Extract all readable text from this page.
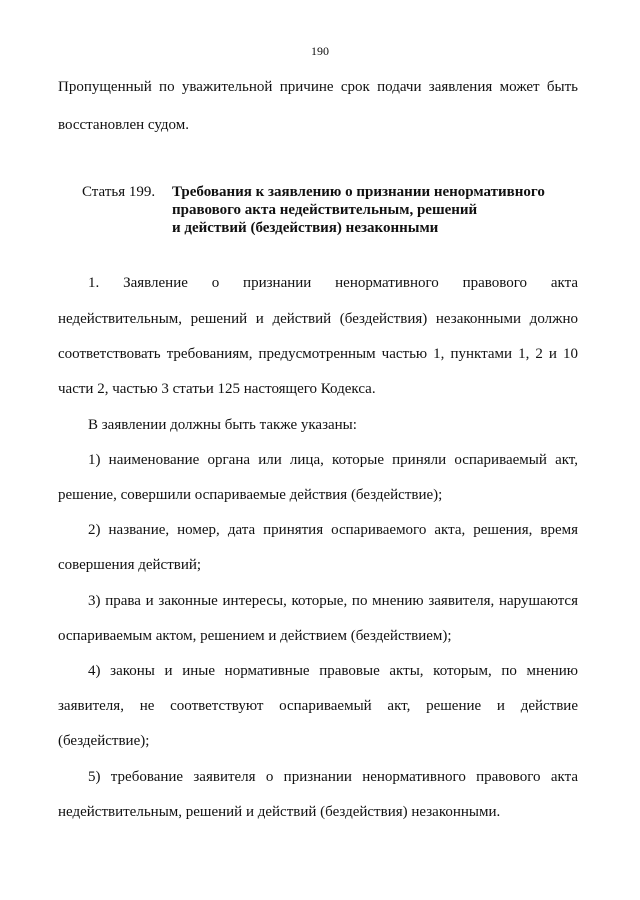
190
Пропущенный по уважительной причине срок подачи заявления может быть
восстановлен судом.
Статья 199. Требования к заявлению о признании ненормативного
правового акта недействительным, решений
и действий (бездействия) незаконными
1. Заявление о признании ненормативного правового акта
недействительным, решений и действий (бездействия) незаконными должно
соответствовать требованиям, предусмотренным частью 1, пунктами 1, 2 и 10
части 2, частью 3 статьи 125 настоящего Кодекса.
В заявлении должны быть также указаны:
1) наименование органа или лица, которые приняли оспариваемый акт,
решение, совершили оспариваемые действия (бездействие);
2) название, номер, дата принятия оспариваемого акта, решения, время
совершения действий;
3) права и законные интересы, которые, по мнению заявителя, нарушаются
оспариваемым актом, решением и действием (бездействием);
4) законы и иные нормативные правовые акты, которым, по мнению
заявителя, не соответствуют оспариваемый акт, решение и действие
(бездействие);
5) требование заявителя о признании ненормативного правового акта
недействительным, решений и действий (бездействия) незаконными.
